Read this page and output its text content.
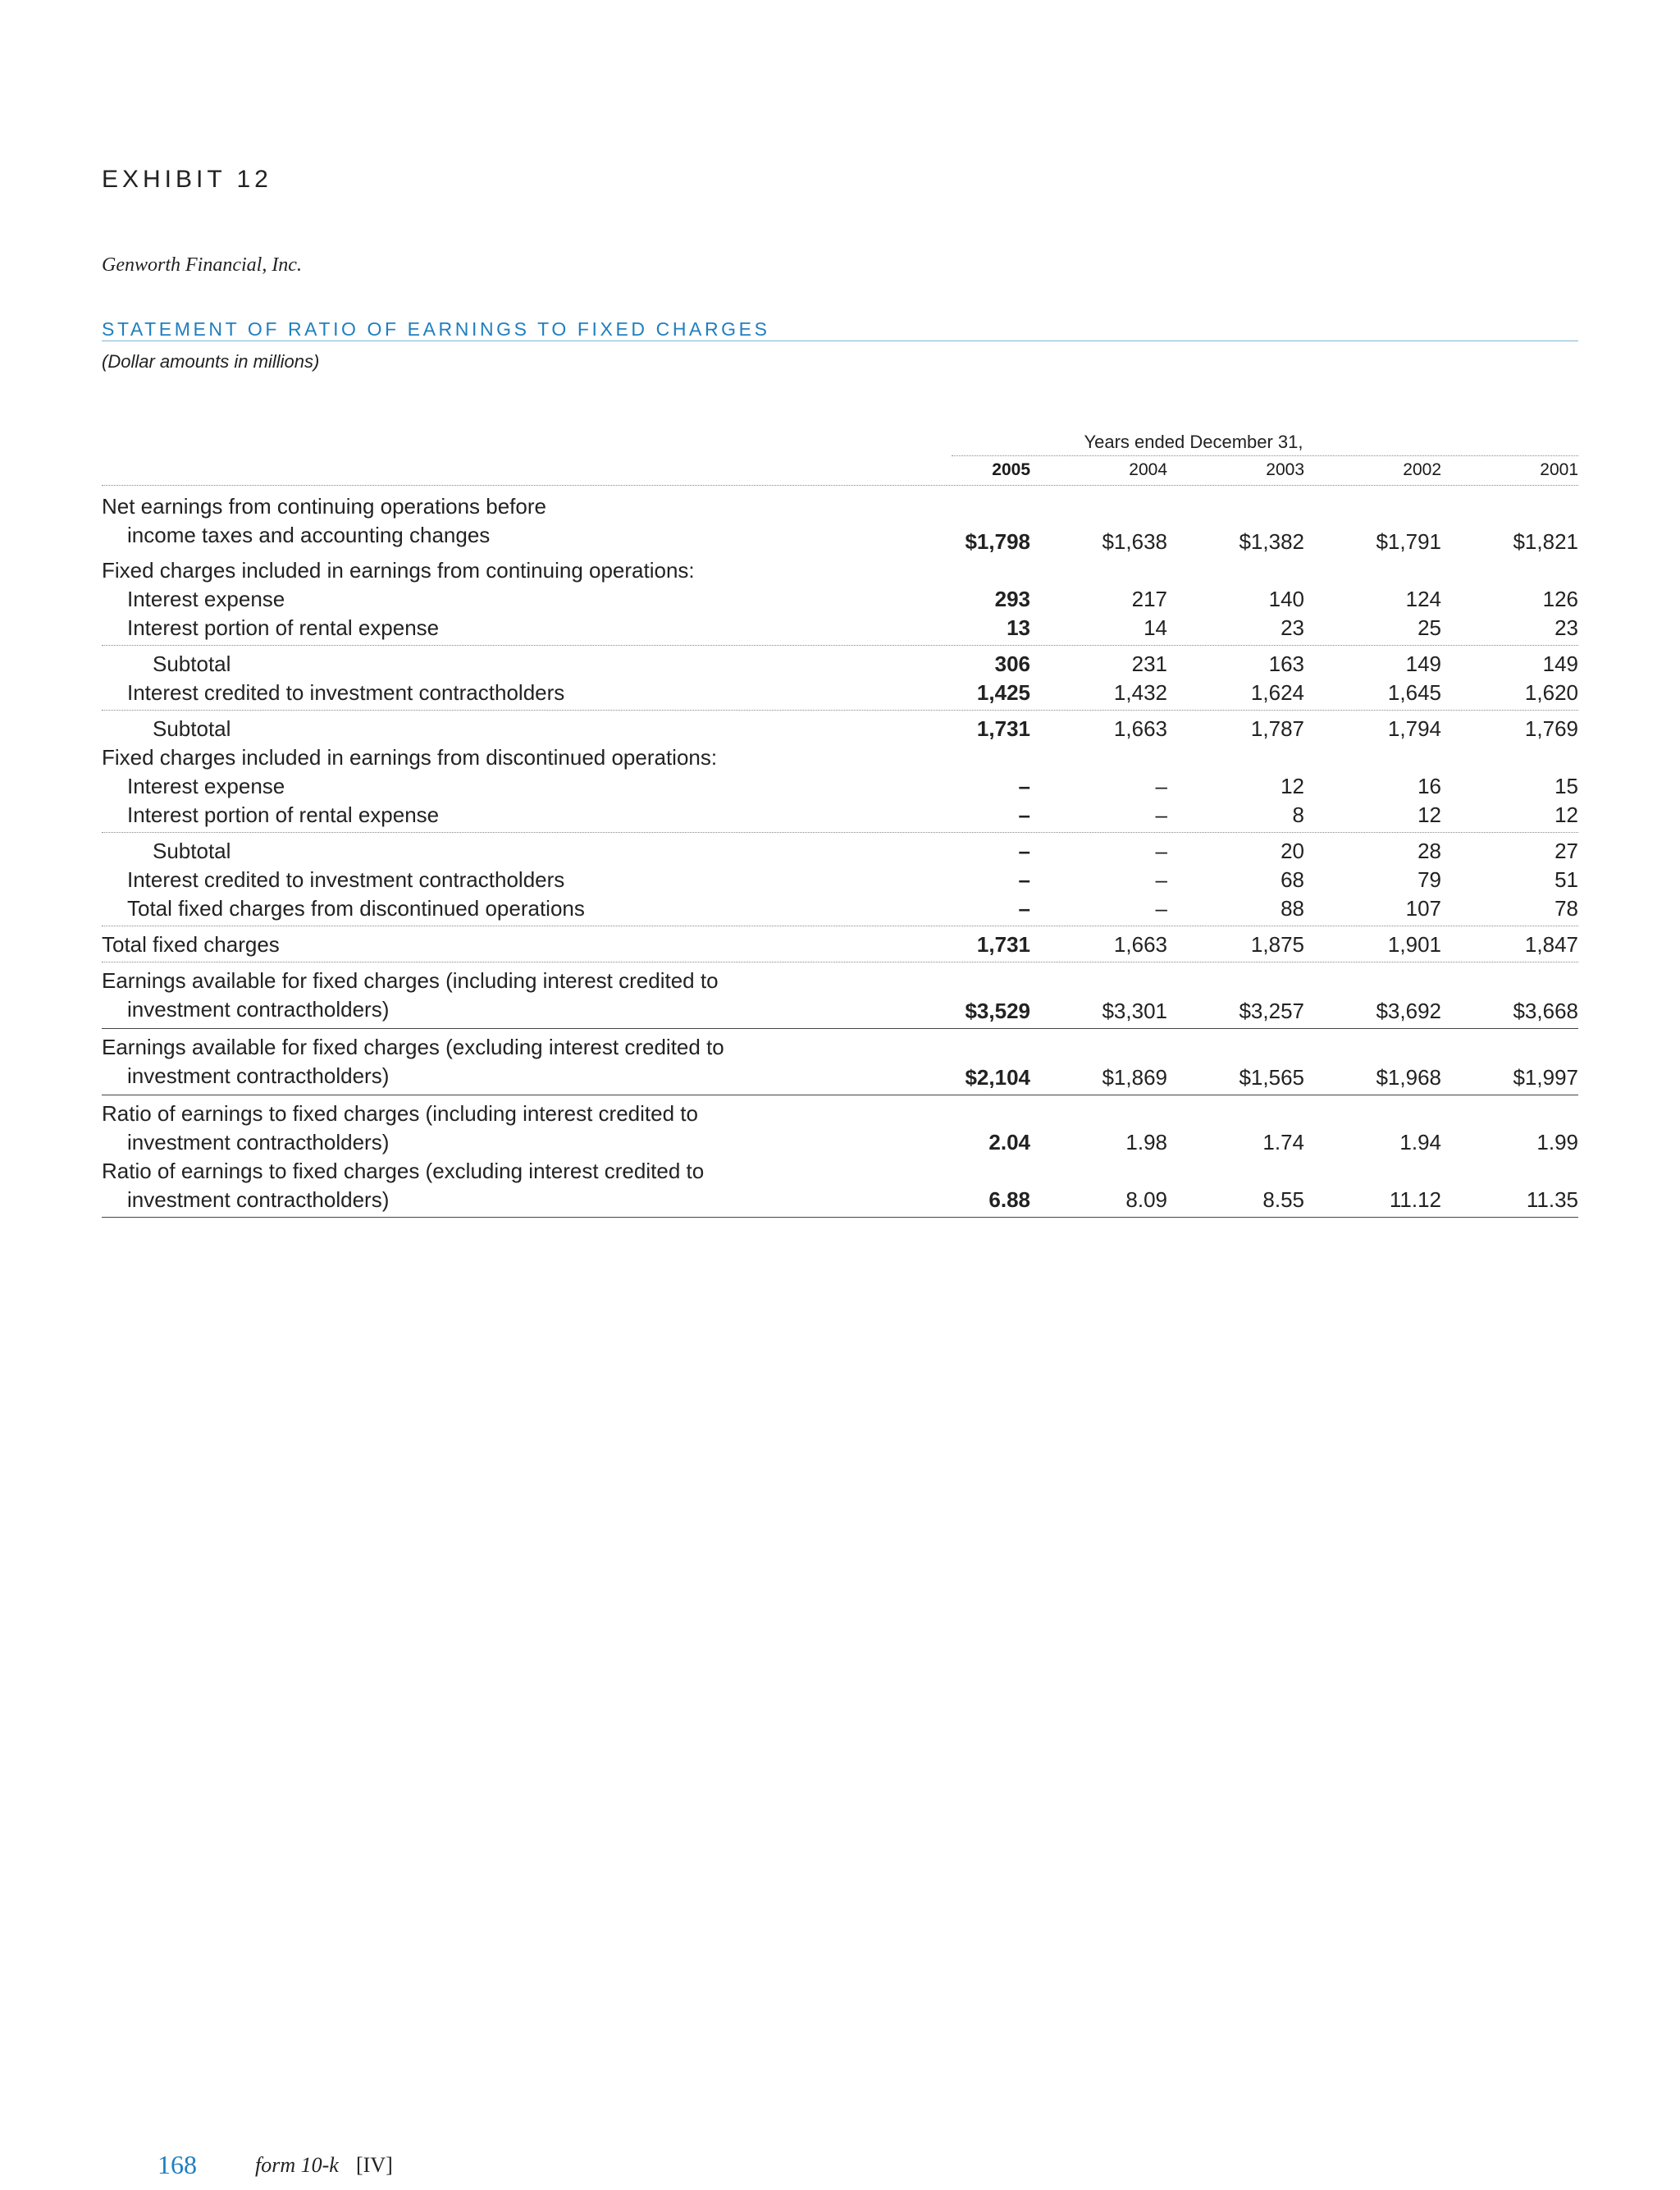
EXHIBIT 12
Genworth Financial, Inc.
STATEMENT OF RATIO OF EARNINGS TO FIXED CHARGES
(Dollar amounts in millions)
Years ended December 31,
2005	2004	2003	2002	2001
Net earnings from continuing operations before
income taxes and accounting changes	$1,798	$1,638	$1,382	$1,791	$1,821
Fixed charges included in earnings from continuing operations:
Interest expense	293	217	140	124	126
Interest portion of rental expense	13	14	23	25	23
Subtotal	306	231	163	149	149
Interest credited to investment contractholders	1,425	1,432	1,624	1,645	1,620
Subtotal	1,731	1,663	1,787	1,794	1,769
Fixed charges included in earnings from discontinued operations:
Interest expense	–	–	12	16	15
Interest portion of rental expense	–	–	8	12	12
Subtotal	–	–	20	28	27
Interest credited to investment contractholders	–	–	68	79	51
Total fixed charges from discontinued operations	–	–	88	107	78
Total fixed charges	1,731	1,663	1,875	1,901	1,847
Earnings available for fixed charges (including interest credited to
investment contractholders)	$3,529	$3,301	$3,257	$3,692	$3,668
Earnings available for fixed charges (excluding interest credited to
investment contractholders)	$2,104	$1,869	$1,565	$1,968	$1,997
Ratio of earnings to fixed charges (including interest credited to
investment contractholders)	2.04	1.98	1.74	1.94	1.99
Ratio of earnings to fixed charges (excluding interest credited to
investment contractholders)	6.88	8.09	8.55	11.12	11.35
168	form 10-k [IV]
